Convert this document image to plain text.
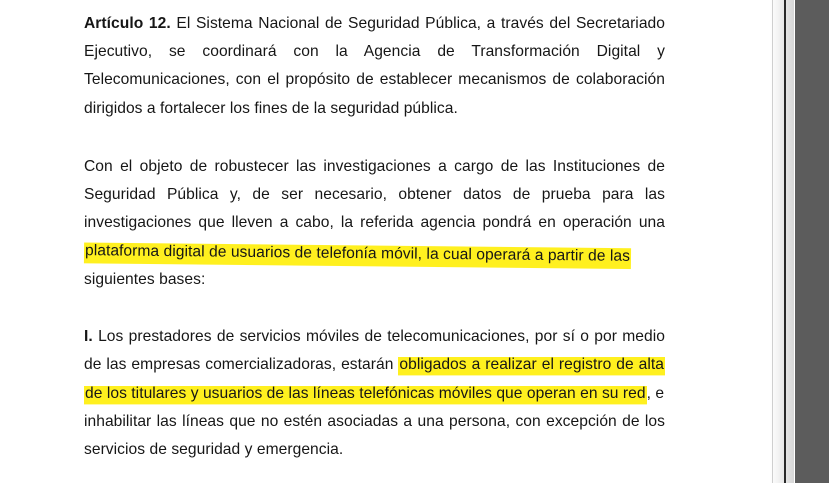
Artículo 12. El Sistema Nacional de Seguridad Pública, a través del Secretariado

Ejecutivo, se coordinará con la Agencia de Transformación Digital y

Telecomunicaciones, con el propósito de establecer mecanismos de colaboración

dirigidos a fortalecer los fines de la seguridad pública.

Con el objeto de robustecer las investigaciones a cargo de las Instituciones de

Seguridad Pública y, de ser necesario, obtener datos de prueba para las

investigaciones que lleven a cabo, la referida agencia pondrá en operación una

plataforma digital de usuarios de telefonía móvil, la cual operará a partir de las

siguientes bases:

I. Los prestadores de servicios móviles de telecomunicaciones, por sí o por medio

de las empresas comercializadoras, estarán obligados a realizar el registro de alta

de los titulares y usuarios de las líneas telefónicas móviles que operan en su red, e

inhabilitar las líneas que no estén asociadas a una persona, con excepción de los

servicios de seguridad y emergencia.
